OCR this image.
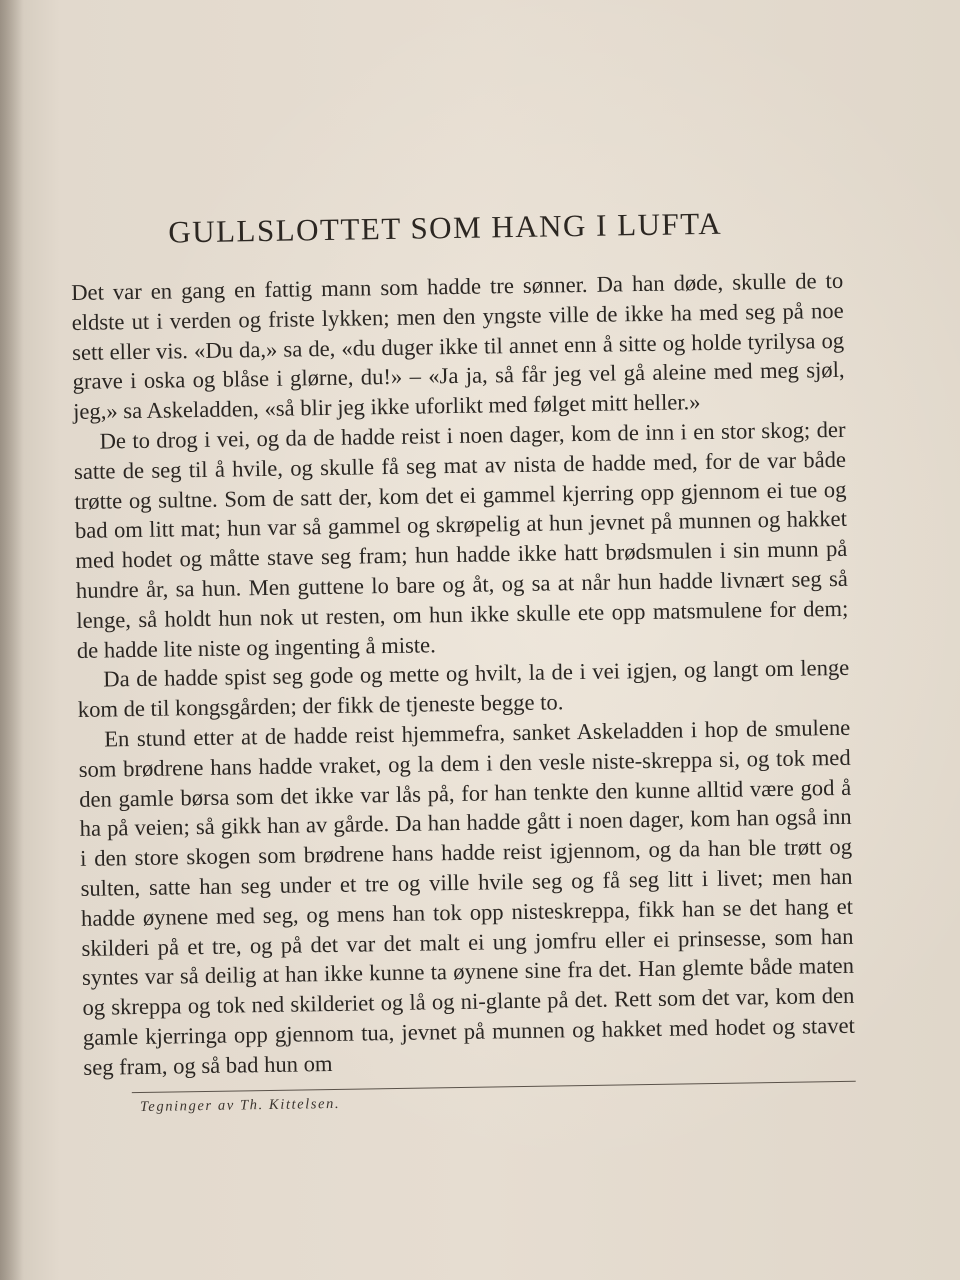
GULLSLOTTET SOM HANG I LUFTA

Det var en gang en fattig mann som hadde tre sønner. Da han døde, skulle de to eldste ut i verden og friste lykken; men den yngste ville de ikke ha med seg på noe sett eller vis. «Du da,» sa de, «du duger ikke til annet enn å sitte og holde tyrilysa og grave i oska og blåse i glørne, du!» – «Ja ja, så får jeg vel gå aleine med meg sjøl, jeg,» sa Askeladden, «så blir jeg ikke uforlikt med følget mitt heller.»

De to drog i vei, og da de hadde reist i noen dager, kom de inn i en stor skog; der satte de seg til å hvile, og skulle få seg mat av nista de hadde med, for de var både trøtte og sultne. Som de satt der, kom det ei gammel kjerring opp gjennom ei tue og bad om litt mat; hun var så gammel og skrøpelig at hun jevnet på munnen og hakket med hodet og måtte stave seg fram; hun hadde ikke hatt brødsmulen i sin munn på hundre år, sa hun. Men guttene lo bare og åt, og sa at når hun hadde livnært seg så lenge, så holdt hun nok ut resten, om hun ikke skulle ete opp matsmulene for dem; de hadde lite niste og ingenting å miste.

Da de hadde spist seg gode og mette og hvilt, la de i vei igjen, og langt om lenge kom de til kongsgården; der fikk de tjeneste begge to.

En stund etter at de hadde reist hjemmefra, sanket Askeladden i hop de smulene som brødrene hans hadde vraket, og la dem i den vesle niste-skreppa si, og tok med den gamle børsa som det ikke var lås på, for han tenkte den kunne alltid være god å ha på veien; så gikk han av gårde. Da han hadde gått i noen dager, kom han også inn i den store skogen som brødrene hans hadde reist igjennom, og da han ble trøtt og sulten, satte han seg under et tre og ville hvile seg og få seg litt i livet; men han hadde øynene med seg, og mens han tok opp nisteskreppa, fikk han se det hang et skilderi på et tre, og på det var det malt ei ung jomfru eller ei prinsesse, som han syntes var så deilig at han ikke kunne ta øynene sine fra det. Han glemte både maten og skreppa og tok ned skilderiet og lå og ni-glante på det. Rett som det var, kom den gamle kjerringa opp gjennom tua, jevnet på munnen og hakket med hodet og stavet seg fram, og så bad hun om

Tegninger av Th. Kittelsen.
